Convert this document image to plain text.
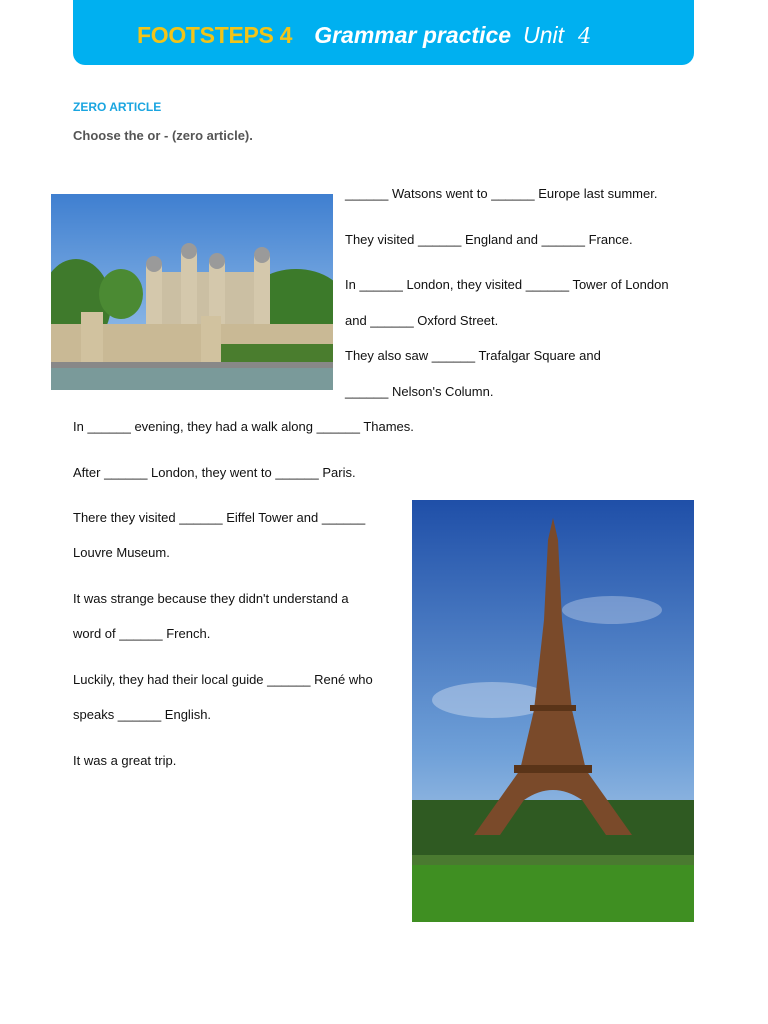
FOOTSTEPS 4 Grammar practice Unit 4
ZERO ARTICLE
Choose the or - (zero article).
______ Watsons went to ______ Europe last summer.
They visited ______ England and ______ France.
In ______ London, they visited ______ Tower of London
and ______ Oxford Street.
They also saw ______ Trafalgar Square and
______ Nelson's Column.
In ______ evening, they had a walk along ______ Thames.
After ______ London, they went to ______ Paris.
There they visited ______ Eiffel Tower and ______
Louvre Museum.
It was strange because they didn't understand a
word of ______ French.
Luckily, they had their local guide ______ René who
speaks ______ English.
It was a great trip.
